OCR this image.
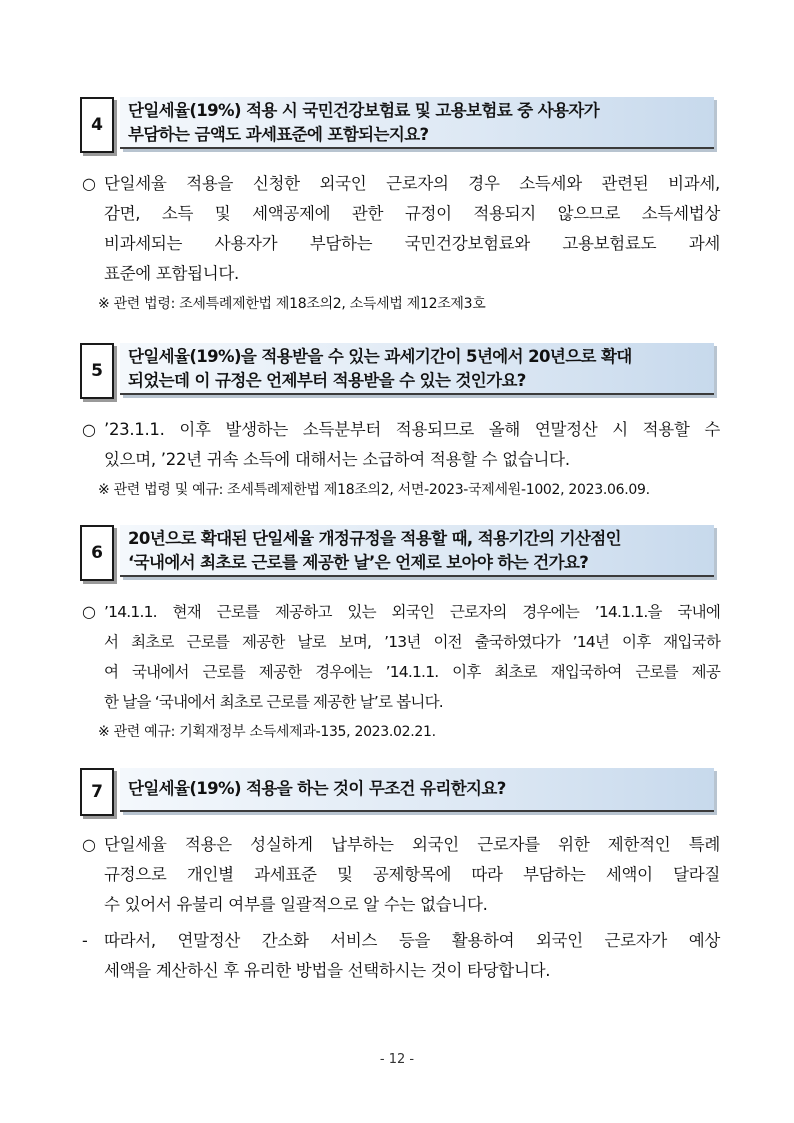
4
단일세율(19%) 적용 시 국민건강보험료 및 고용보험료 중 사용자가
부담하는 금액도 과세표준에 포함되는지요?
○ 단일세율 적용을 신청한 외국인 근로자의 경우 소득세와 관련된 비과세,
감면, 소득 및 세액공제에 관한 규정이 적용되지 않으므로 소득세법상
비과세되는 사용자가 부담하는 국민건강보험료와 고용보험료도 과세
표준에 포함됩니다.
※ 관련 법령: 조세특례제한법 제18조의2, 소득세법 제12조제3호
5
단일세율(19%)을 적용받을 수 있는 과세기간이 5년에서 20년으로 확대
되었는데 이 규정은 언제부터 적용받을 수 있는 것인가요?
○ ’23.1.1. 이후 발생하는 소득분부터 적용되므로 올해 연말정산 시 적용할 수
있으며, ’22년 귀속 소득에 대해서는 소급하여 적용할 수 없습니다.
※ 관련 법령 및 예규: 조세특례제한법 제18조의2, 서면-2023-국제세원-1002, 2023.06.09.
6
20년으로 확대된 단일세율 개정규정을 적용할 때, 적용기간의 기산점인
‘국내에서 최초로 근로를 제공한 날’은 언제로 보아야 하는 건가요?
○ ’14.1.1. 현재 근로를 제공하고 있는 외국인 근로자의 경우에는 ’14.1.1.을 국내에
서 최초로 근로를 제공한 날로 보며, ’13년 이전 출국하였다가 ’14년 이후 재입국하
여 국내에서 근로를 제공한 경우에는 ’14.1.1. 이후 최초로 재입국하여 근로를 제공
한 날을 ‘국내에서 최초로 근로를 제공한 날’로 봅니다.
※ 관련 예규: 기획재정부 소득세제과-135, 2023.02.21.
7	단일세율(19%) 적용을 하는 것이 무조건 유리한지요?
○ 단일세율 적용은 성실하게 납부하는 외국인 근로자를 위한 제한적인 특례
규정으로 개인별 과세표준 및 공제항목에 따라 부담하는 세액이 달라질
수 있어서 유불리 여부를 일괄적으로 알 수는 없습니다.
- 따라서, 연말정산 간소화 서비스 등을 활용하여 외국인 근로자가 예상
세액을 계산하신 후 유리한 방법을 선택하시는 것이 타당합니다.
- 12 -
